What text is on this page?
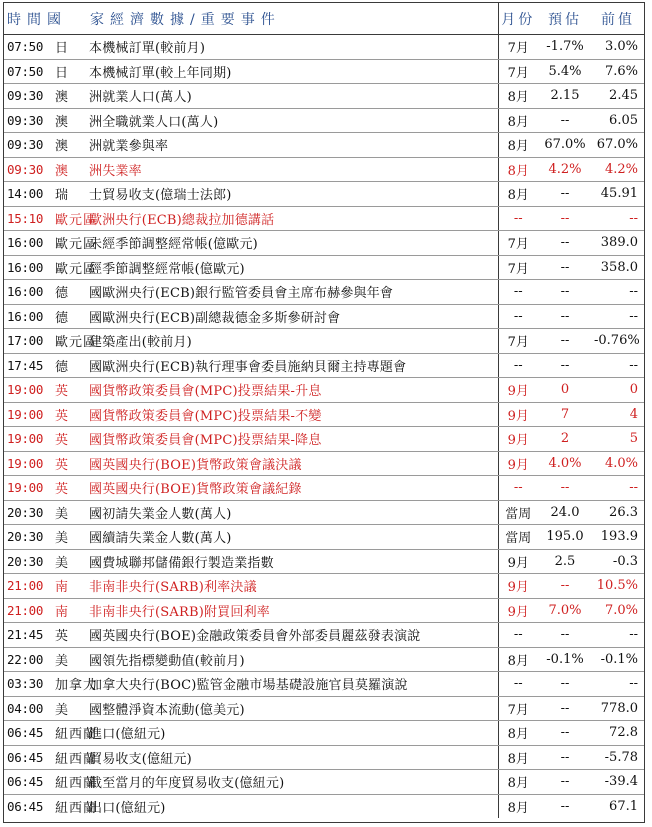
時間國		家經濟數據/重要事件	月份	預估	前值
07:50	日	本機械訂單(較前月)	7月	-1.7%	3.0%
07:50	日	本機械訂單(較上年同期)	7月	5.4%	7.6%
09:30	澳	洲就業人口(萬人)	8月	2.15	2.45
09:30	澳	洲全職就業人口(萬人)	8月	--	6.05
09:30	澳	洲就業參與率	8月	67.0%	67.0%
09:30	澳	洲失業率	8月	4.2%	4.2%
14:00	瑞	士貿易收支(億瑞士法郎)	8月	--	45.91
15:10	歐元區	歐洲央行(ECB)總裁拉加德講話	--	--	--
16:00	歐元區	未經季節調整經常帳(億歐元)	7月	--	389.0
16:00	歐元區	經季節調整經常帳(億歐元)	7月	--	358.0
16:00	德	國歐洲央行(ECB)銀行監管委員會主席布赫參與年會	--	--	--
16:00	德	國歐洲央行(ECB)副總裁德金多斯參研討會	--	--	--
17:00	歐元區	建築產出(較前月)	7月	--	-0.76%
17:45	德	國歐洲央行(ECB)執行理事會委員施納貝爾主持專題會	--	--	--
19:00	英	國貨幣政策委員會(MPC)投票結果-升息	9月	0	0
19:00	英	國貨幣政策委員會(MPC)投票結果-不變	9月	7	4
19:00	英	國貨幣政策委員會(MPC)投票結果-降息	9月	2	5
19:00	英	國英國央行(BOE)貨幣政策會議決議	9月	4.0%	4.0%
19:00	英	國英國央行(BOE)貨幣政策會議紀錄	--	--	--
20:30	美	國初請失業金人數(萬人)	當周	24.0	26.3
20:30	美	國續請失業金人數(萬人)	當周	195.0	193.9
20:30	美	國費城聯邦儲備銀行製造業指數	9月	2.5	-0.3
21:00	南	非南非央行(SARB)利率決議	9月	--	10.5%
21:00	南	非南非央行(SARB)附買回利率	9月	7.0%	7.0%
21:45	英	國英國央行(BOE)金融政策委員會外部委員麗茲發表演說	--	--	--
22:00	美	國領先指標變動值(較前月)	8月	-0.1%	-0.1%
03:30	加拿大	加拿大央行(BOC)監管金融市場基礎設施官員莫羅演說	--	--	--
04:00	美	國整體淨資本流動(億美元)	7月	--	778.0
06:45	紐西蘭	進口(億紐元)	8月	--	72.8
06:45	紐西蘭	貿易收支(億紐元)	8月	--	-5.78
06:45	紐西蘭	截至當月的年度貿易收支(億紐元)	8月	--	-39.4
06:45	紐西蘭	出口(億紐元)	8月	--	67.1
